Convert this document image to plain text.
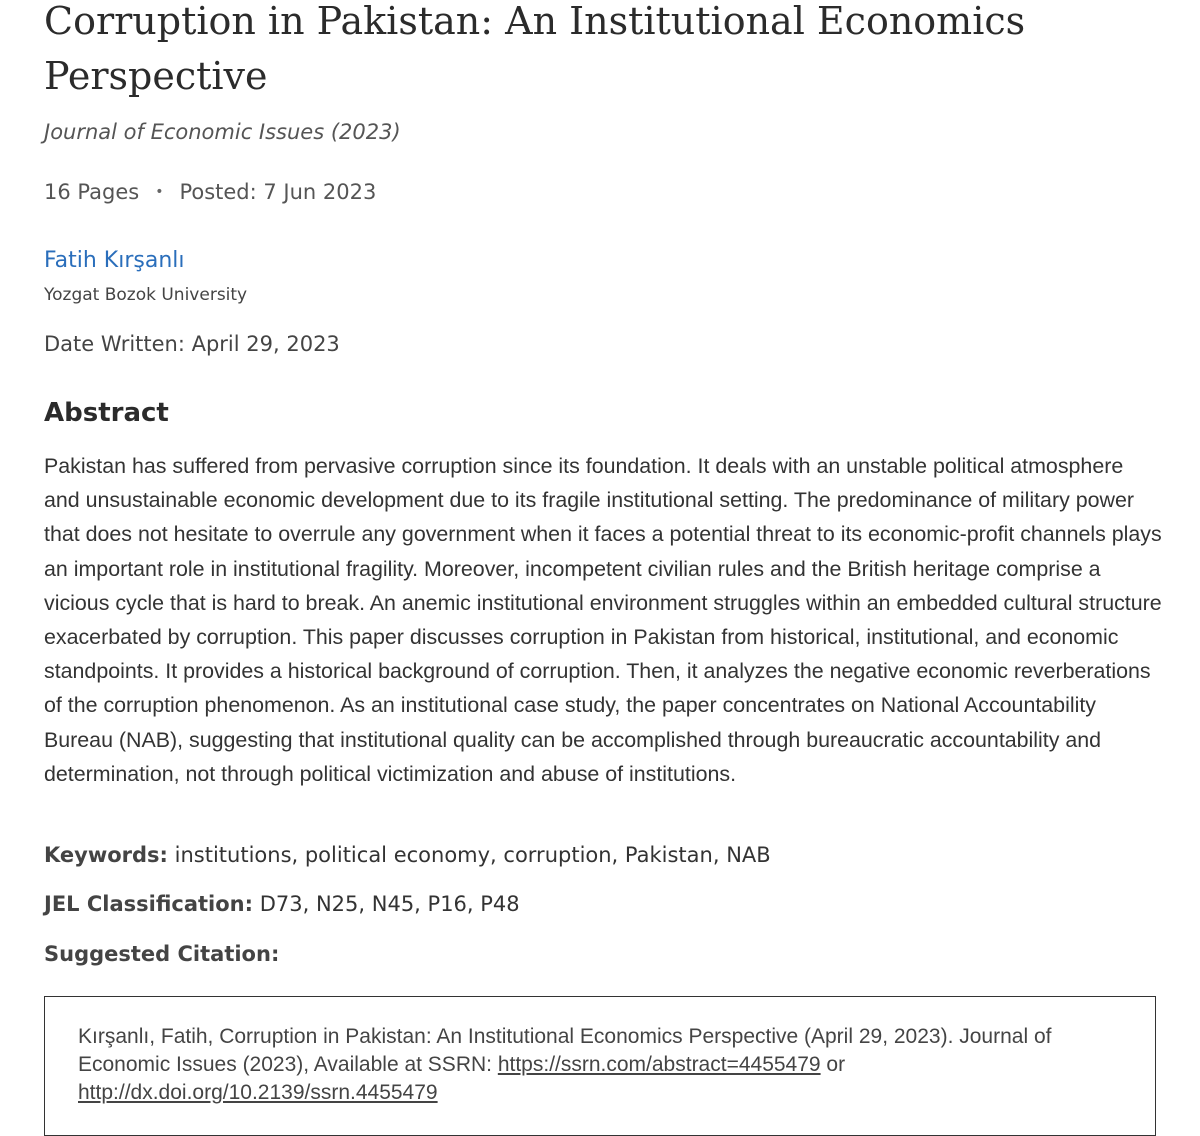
Corruption in Pakistan: An Institutional Economics Perspective
Journal of Economic Issues (2023)
16 Pages • Posted: 7 Jun 2023
Fatih Kırşanlı
Yozgat Bozok University
Date Written: April 29, 2023
Abstract

Pakistan has suffered from pervasive corruption since its foundation. It deals with an unstable political atmosphere and unsustainable economic development due to its fragile institutional setting. The predominance of military power that does not hesitate to overrule any government when it faces a potential threat to its economic-profit channels plays an important role in institutional fragility. Moreover, incompetent civilian rules and the British heritage comprise a vicious cycle that is hard to break. An anemic institutional environment struggles within an embedded cultural structure exacerbated by corruption. This paper discusses corruption in Pakistan from historical, institutional, and economic standpoints. It provides a historical background of corruption. Then, it analyzes the negative economic reverberations of the corruption phenomenon. As an institutional case study, the paper concentrates on National Accountability Bureau (NAB), suggesting that institutional quality can be accomplished through bureaucratic accountability and determination, not through political victimization and abuse of institutions.

Keywords: institutions, political economy, corruption, Pakistan, NAB
JEL Classification: D73, N25, N45, P16, P48
Suggested Citation:

Kırşanlı, Fatih, Corruption in Pakistan: An Institutional Economics Perspective (April 29, 2023). Journal of Economic Issues (2023), Available at SSRN: https://ssrn.com/abstract=4455479 or http://dx.doi.org/10.2139/ssrn.4455479
